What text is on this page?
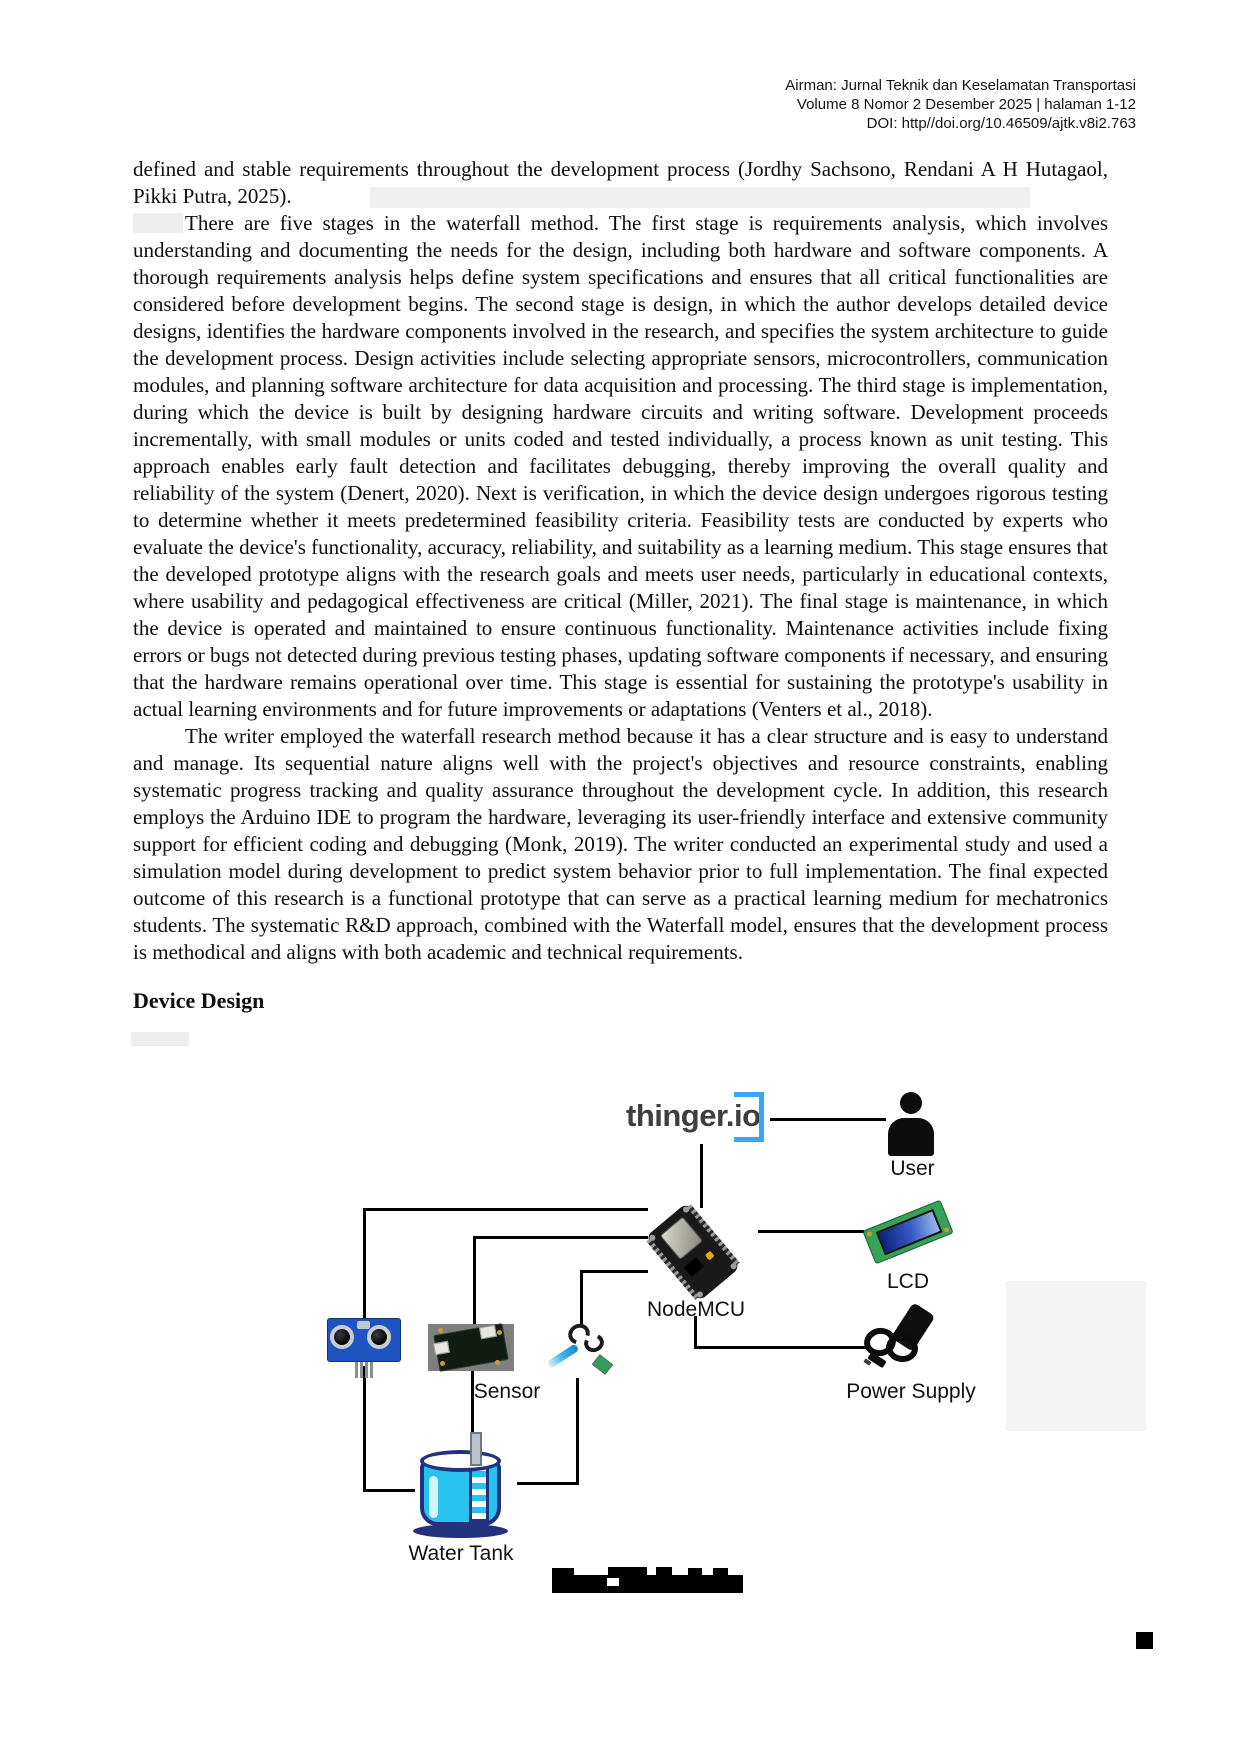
Airman: Jurnal Teknik dan Keselamatan Transportasi
Volume 8 Nomor 2 Desember 2025 | halaman 1-12
DOI: http//doi.org/10.46509/ajtk.v8i2.763

defined and stable requirements throughout the development process (Jordhy Sachsono, Rendani A H Hutagaol, Pikki Putra, 2025).

There are five stages in the waterfall method. The first stage is requirements analysis, which involves understanding and documenting the needs for the design, including both hardware and software components. A thorough requirements analysis helps define system specifications and ensures that all critical functionalities are considered before development begins. The second stage is design, in which the author develops detailed device designs, identifies the hardware components involved in the research, and specifies the system architecture to guide the development process. Design activities include selecting appropriate sensors, microcontrollers, communication modules, and planning software architecture for data acquisition and processing. The third stage is implementation, during which the device is built by designing hardware circuits and writing software. Development proceeds incrementally, with small modules or units coded and tested individually, a process known as unit testing. This approach enables early fault detection and facilitates debugging, thereby improving the overall quality and reliability of the system (Denert, 2020). Next is verification, in which the device design undergoes rigorous testing to determine whether it meets predetermined feasibility criteria. Feasibility tests are conducted by experts who evaluate the device's functionality, accuracy, reliability, and suitability as a learning medium. This stage ensures that the developed prototype aligns with the research goals and meets user needs, particularly in educational contexts, where usability and pedagogical effectiveness are critical (Miller, 2021). The final stage is maintenance, in which the device is operated and maintained to ensure continuous functionality. Maintenance activities include fixing errors or bugs not detected during previous testing phases, updating software components if necessary, and ensuring that the hardware remains operational over time. This stage is essential for sustaining the prototype's usability in actual learning environments and for future improvements or adaptations (Venters et al., 2018).

The writer employed the waterfall research method because it has a clear structure and is easy to understand and manage. Its sequential nature aligns well with the project's objectives and resource constraints, enabling systematic progress tracking and quality assurance throughout the development cycle. In addition, this research employs the Arduino IDE to program the hardware, leveraging its user-friendly interface and extensive community support for efficient coding and debugging (Monk, 2019). The writer conducted an experimental study and used a simulation model during development to predict system behavior prior to full implementation. The final expected outcome of this research is a functional prototype that can serve as a practical learning medium for mechatronics students. The systematic R&D approach, combined with the Waterfall model, ensures that the development process is methodical and aligns with both academic and technical requirements.

Device Design
thinger.io
User
NodeMCU
LCD
Sensor	Power Supply
Water Tank
